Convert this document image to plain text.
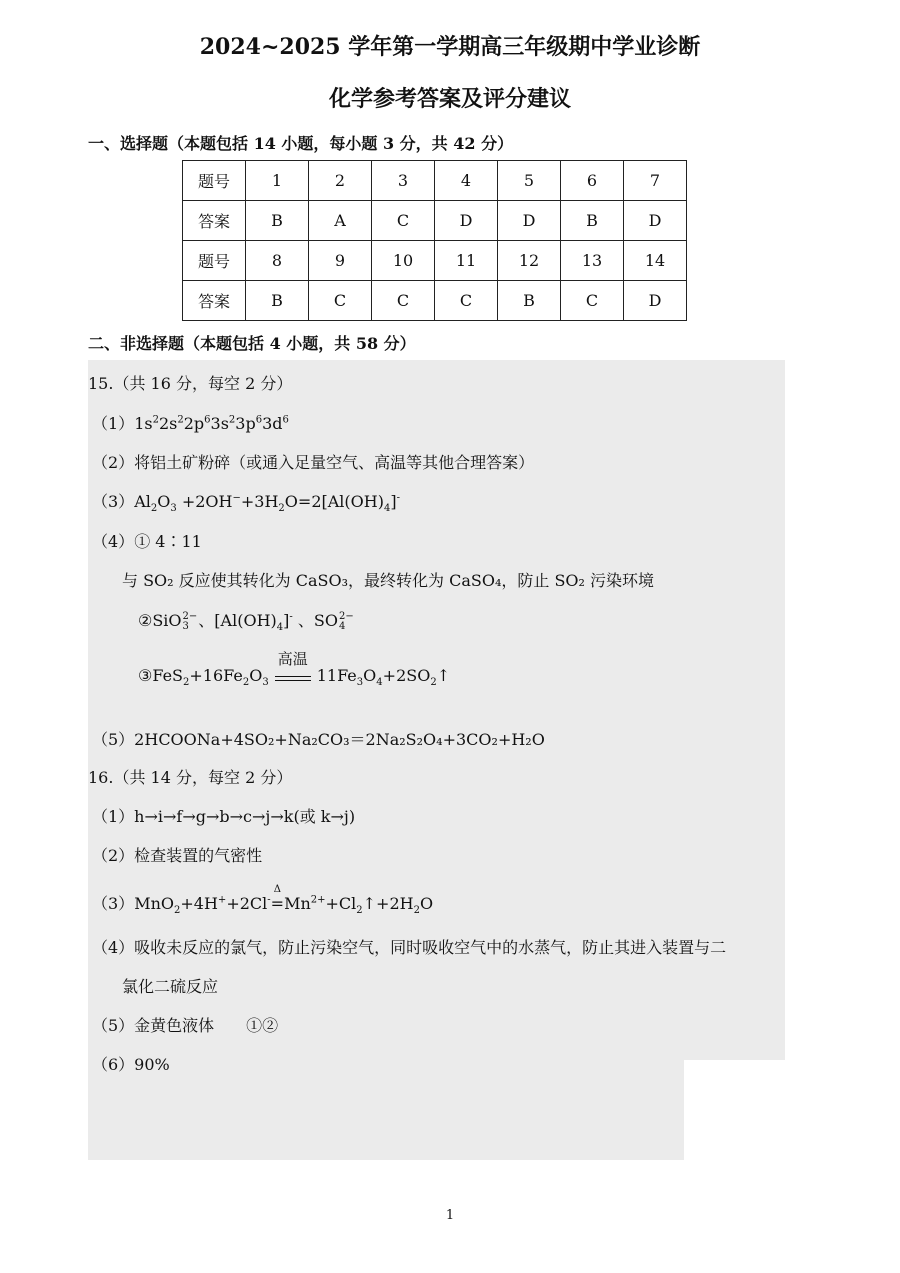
2024~2025 学年第一学期高三年级期中学业诊断
化学参考答案及评分建议
一、选择题（本题包括 14 小题，每小题 3 分，共 42 分）
题号	1	2	3	4	5	6	7
答案	B	A	C	D	D	B	D
题号	8	9	10	11	12	13	14
答案	B	C	C	C	B	C	D
二、非选择题（本题包括 4 小题，共 58 分）
15.（共 16 分，每空 2 分）
$(1)1s^22s^22p^63s^23p^63d^6$
（2）将铝土矿粉碎（或通入足量空气、高温等其他合理答案）
$(3)Al_2O_3 +2OH^-+3H_2O=2[Al(OH)_4]^-$
（4）① 4∶11
与 SO₂ 反应使其转化为 CaSO₃，最终转化为 CaSO₄，防止 SO₂ 污染环境
②SiO 2−
3 、$[Al(OH)_4]^-$ 、SO 2−
4
$③FeS_2+16Fe_2O_3$
高温
$11Fe_3O_4+2SO_2↑$
（5）2HCOONa+4SO₂+Na₂CO₃＝2Na₂S₂O₄+3CO₂+H₂O
16.（共 14 分，每空 2 分）
（1）h→i→f→g→b→c→j→k(或 k→j)
（2）检查装置的气密性
（3）MnO$_2$+4H++2Cl-
Δ
$=Mn^{2+}+Cl_2↑+2H_2O$
（4）吸收未反应的氯气，防止污染空气，同时吸收空气中的水蒸气，防止其进入装置与二
氯化二硫反应
（5）金黄色液体　　①②
（6）90%
1
